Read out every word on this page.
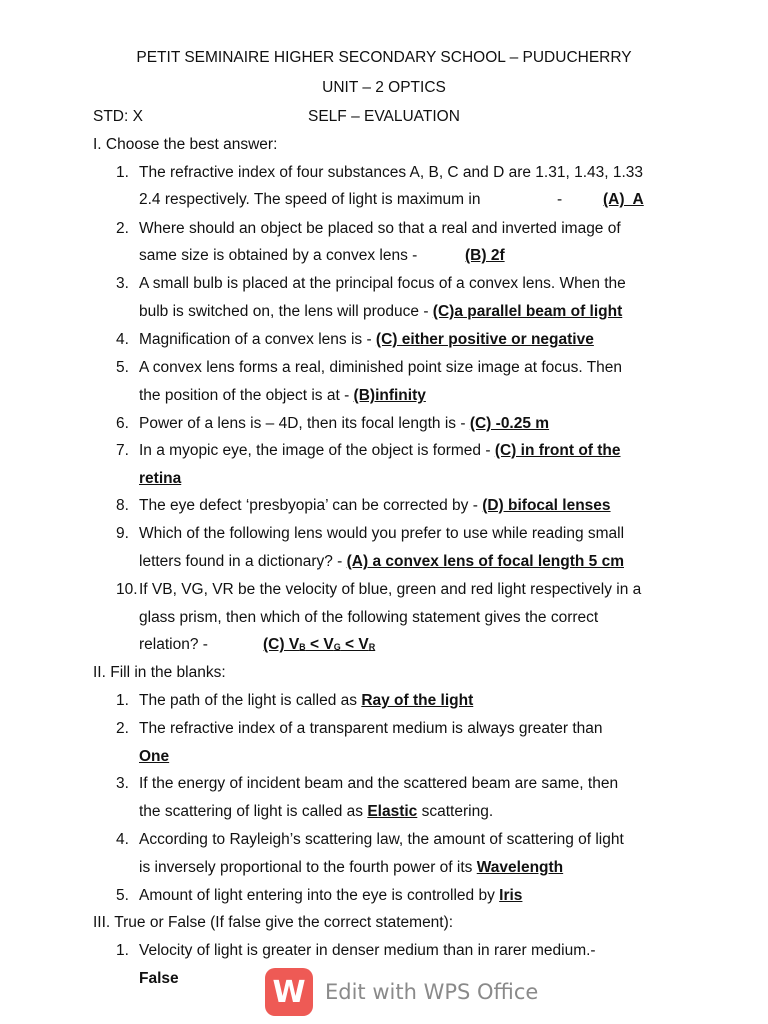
PETIT SEMINAIRE HIGHER SECONDARY SCHOOL – PUDUCHERRY
UNIT – 2 OPTICS
STD: X	SELF – EVALUATION
I. Choose the best answer:
1. The refractive index of four substances A, B, C and D are 1.31, 1.43, 1.33
2.4 respectively. The speed of light is maximum in	-	(A)  A
2. Where should an object be placed so that a real and inverted image of
same size is obtained by a convex lens -	(B) 2f
3. A small bulb is placed at the principal focus of a convex lens. When the
bulb is switched on, the lens will produce - (C)a parallel beam of light
4. Magnification of a convex lens is - (C) either positive or negative
5. A convex lens forms a real, diminished point size image at focus. Then
the position of the object is at - (B)infinity
6. Power of a lens is – 4D, then its focal length is - (C) -0.25 m
7. In a myopic eye, the image of the object is formed - (C) in front of the
retina
8. The eye defect ‘presbyopia’ can be corrected by - (D) bifocal lenses
9. Which of the following lens would you prefer to use while reading small
letters found in a dictionary? - (A) a convex lens of focal length 5 cm
10. If VB, VG, VR be the velocity of blue, green and red light respectively in a
glass prism, then which of the following statement gives the correct
relation? -	(C) $V_B < V_G < V_R$
II. Fill in the blanks:
1. The path of the light is called as Ray of the light
2. The refractive index of a transparent medium is always greater than
One
3. If the energy of incident beam and the scattered beam are same, then
the scattering of light is called as Elastic scattering.
4. According to Rayleigh’s scattering law, the amount of scattering of light
is inversely proportional to the fourth power of its Wavelength
5. Amount of light entering into the eye is controlled by Iris
III. True or False (If false give the correct statement):
1. Velocity of light is greater in denser medium than in rarer medium.-
False	W Edit with WPS Office
